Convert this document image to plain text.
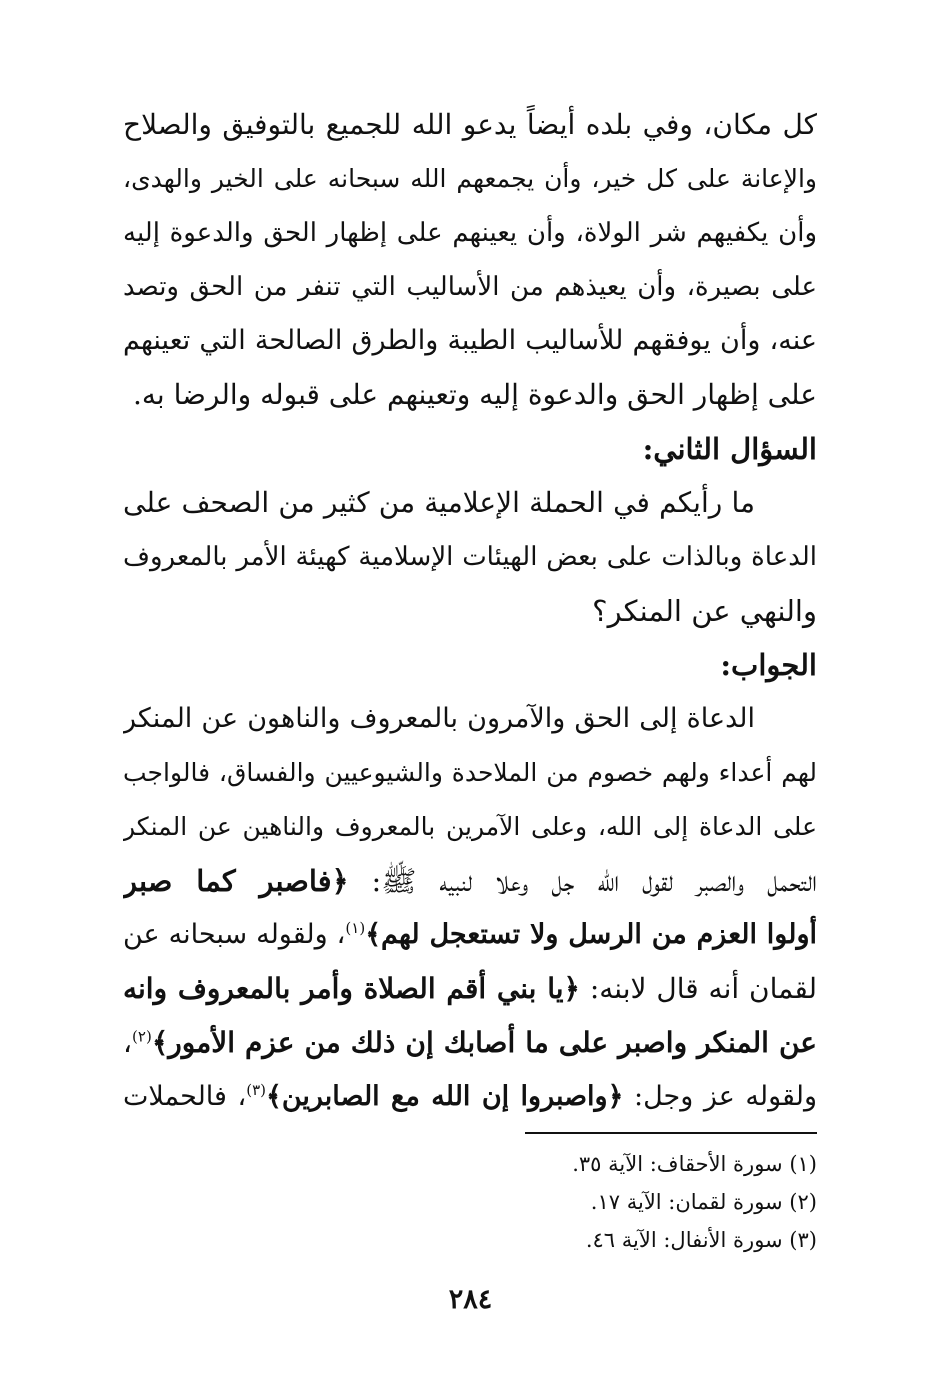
كل مكان، وفي بلده أيضاً يدعو الله للجميع بالتوفيق والصلاح
والإعانة على كل خير، وأن يجمعهم الله سبحانه على الخير والهدى،
وأن يكفيهم شر الولاة، وأن يعينهم على إظهار الحق والدعوة إليه
على بصيرة، وأن يعيذهم من الأساليب التي تنفر من الحق وتصد
عنه، وأن يوفقهم للأساليب الطيبة والطرق الصالحة التي تعينهم
على إظهار الحق والدعوة إليه وتعينهم على قبوله والرضا به.
السؤال الثاني:
ما رأيكم في الحملة الإعلامية من كثير من الصحف على
الدعاة وبالذات على بعض الهيئات الإسلامية كهيئة الأمر بالمعروف
والنهي عن المنكر؟
الجواب:
الدعاة إلى الحق والآمرون بالمعروف والناهون عن المنكر
لهم أعداء ولهم خصوم من الملاحدة والشيوعيين والفساق، فالواجب
على الدعاة إلى الله، وعلى الآمرين بالمعروف والناهين عن المنكر
التحمل والصبر لقول الله جل وعلا لنبيه ﷺ: ﴿فاصبر كما صبر
أولوا العزم من الرسل ولا تستعجل لهم﴾$^{(١)}$، ولقوله سبحانه عن
لقمان أنه قال لابنه: ﴿يا بني أقم الصلاة وأمر بالمعروف وانه
عن المنكر واصبر على ما أصابك إن ذلك من عزم الأمور﴾$^{(٢)}$،
ولقوله عز وجل: ﴿واصبروا إن الله مع الصابرين﴾$^{(٣)}$، فالحملات
(١) سورة الأحقاف: الآية ٣٥.
(٢) سورة لقمان: الآية ١٧.
(٣) سورة الأنفال: الآية ٤٦.
٢٨٤
